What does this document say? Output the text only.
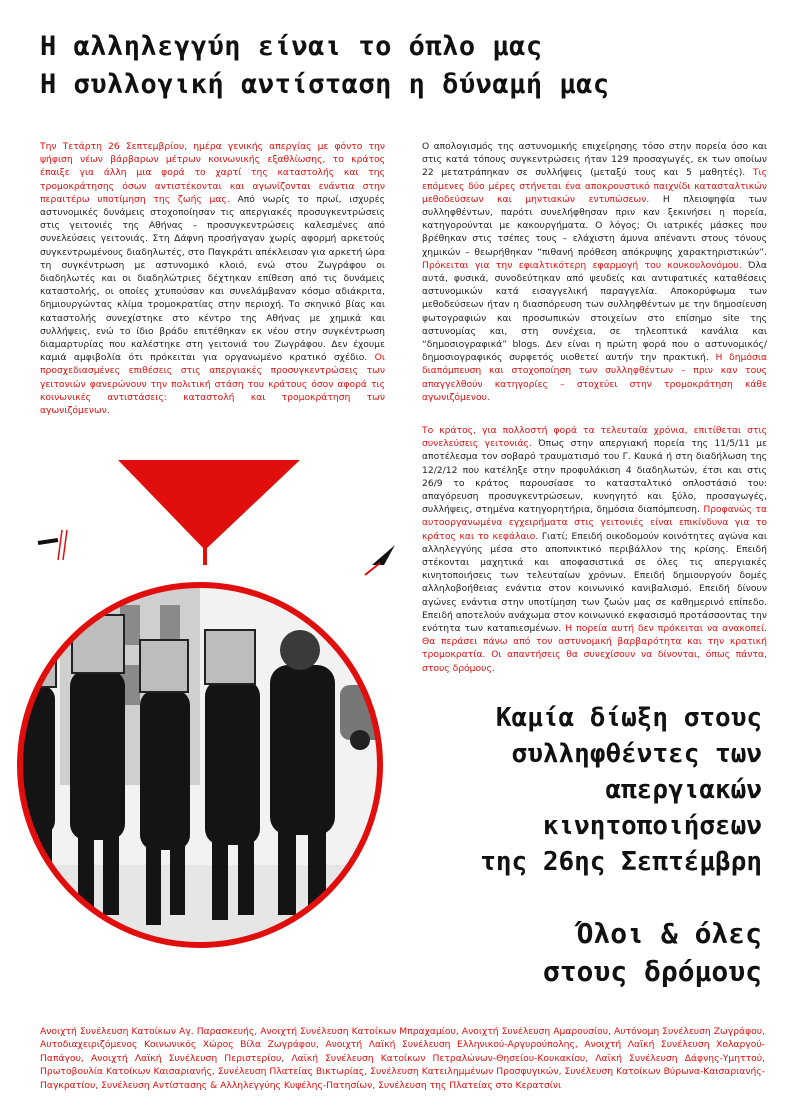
Η αλληλεγγύη είναι το όπλο μας
Η συλλογική αντίσταση η δύναμή μας

Την Τετάρτη 26 Σεπτεμβρίου, ημέρα γενικής απεργίας με φόντο την ψήφιση νέων βάρβαρων μέτρων κοινωνικής εξαθλίωσης, το κράτος έπαιξε για άλλη μια φορά το χαρτί της καταστολής και της τρομοκράτησης όσων αντιστέκονται και αγωνίζονται ενάντια στην περαιτέρω υποτίμηση της ζωής μας. Από νωρίς το πρωί, ισχυρές αστυνομικές δυνάμεις στοχοποίησαν τις απεργιακές προσυγκεντρώσεις στις γειτονιές της Αθήνας – προσυγκεντρώσεις καλεσμένες από συνελεύσεις γειτονιάς. Στη Δάφνη προσήγαγαν χωρίς αφορμή αρκετούς συγκεντρωμένους διαδηλωτές, στο Παγκράτι απέκλεισαν για αρκετή ώρα τη συγκέντρωση με αστυνομικό κλοιό, ενώ στου Ζωγράφου οι διαδηλωτές και οι διαδηλώτριες δέχτηκαν επίθεση από τις δυνάμεις καταστολής, οι οποίες χτυπούσαν και συνελάμβαναν κόσμο αδιάκριτα, δημιουργώντας κλίμα τρομοκρατίας στην περιοχή. Το σκηνικό βίας και καταστολής συνεχίστηκε στο κέντρο της Αθήνας με χημικά και συλλήψεις, ενώ το ίδιο βράδυ επιτέθηκαν εκ νέου στην συγκέντρωση διαμαρτυρίας που καλέστηκε στη γειτονιά του Ζωγράφου. Δεν έχουμε καμιά αμφιβολία ότι πρόκειται για οργανωμένο κρατικό σχέδιο. Οι προσχεδιασμένες επιθέσεις στις απεργιακές προσυγκεντρώσεις των γειτονιών φανερώνουν την πολιτική στάση του κράτους όσον αφορά τις κοινωνικές αντιστάσεις: καταστολή και τρομοκράτηση των αγωνιζόμενων.

Ο απολογισμός της αστυνομικής επιχείρησης τόσο στην πορεία όσο και στις κατά τόπους συγκεντρώσεις ήταν 129 προσαγωγές, εκ των οποίων 22 μετατράπηκαν σε συλλήψεις (μεταξύ τους και 5 μαθητές). Τις επόμενες δύο μέρες στήνεται ένα αποκρουστικό παιχνίδι κατασταλτικών μεθοδεύσεων και μηντιακών εντυπώσεων. Η πλειοψηφία των συλληφθέντων, παρότι συνελήφθησαν πριν καν ξεκινήσει η πορεία, κατηγορούνται με κακουργήματα. Ο λόγος; Οι ιατρικές μάσκες που βρέθηκαν στις τσέπες τους – ελάχιστη άμυνα απέναντι στους τόνους χημικών – θεωρήθηκαν “πιθανή πρόθεση απόκρυψης χαρακτηριστικών”. Πρόκειται για την εφιαλτικότερη εφαρμογή του κουκουλονόμου. Όλα αυτά, φυσικά, συνοδεύτηκαν από ψευδείς και αντιφατικές καταθέσεις αστυνομικών κατά εισαγγελική παραγγελία. Αποκορύφωμα των μεθοδεύσεων ήταν η διασπόρευση των συλληφθέντων με την δημοσίευση φωτογραφιών και προσωπικών στοιχείων στο επίσημο site της αστυνομίας και, στη συνέχεια, σε τηλεοπτικά κανάλια και “δημοσιογραφικά” blogs. Δεν είναι η πρώτη φορά που ο αστυνομικός/δημοσιογραφικός συρφετός υιοθετεί αυτήν την πρακτική. Η δημόσια διαπόμπευση και στοχοποίηση των συλληφθέντων – πριν καν τους απαγγελθούν κατηγορίες – στοχεύει στην τρομοκράτηση κάθε αγωνιζόμενου.

Το κράτος, για πολλοστή φορά τα τελευταία χρόνια, επιτίθεται στις συνελεύσεις γειτονιάς. Όπως στην απεργιακή πορεία της 11/5/11 με αποτέλεσμα τον σοβαρό τραυματισμό του Γ. Καυκά ή στη διαδήλωση της 12/2/12 που κατέληξε στην προφυλάκιση 4 διαδηλωτών, έτσι και στις 26/9 το κράτος παρουσίασε το κατασταλτικό οπλοστάσιό του: απαγόρευση προσυγκεντρώσεων, κυνηγητό και ξύλο, προσαγωγές, συλλήψεις, στημένα κατηγορητήρια, δημόσια διαπόμπευση. Προφανώς τα αυτοοργανωμένα εγχειρήματα στις γειτονιές είναι επικίνδυνα για το κράτος και το κεφάλαιο. Γιατί; Επειδή οικοδομούν κοινότητες αγώνα και αλληλεγγύης μέσα στο αποπνικτικό περιβάλλον της κρίσης. Επειδή στέκονται μαχητικά και αποφασιστικά σε όλες τις απεργιακές κινητοποιήσεις των τελευταίων χρόνων. Επειδή δημιουργούν δομές αλληλοβοήθειας ενάντια στον κοινωνικό κανιβαλισμό. Επειδή δίνουν αγώνες ενάντια στην υποτίμηση των ζωών μας σε καθημερινό επίπεδο. Επειδή αποτελούν ανάχωμα στον κοινωνικό εκφασισμό προτάσσοντας την ενότητα των καταπιεσμένων. Η πορεία αυτή δεν πρόκειται να ανακοπεί. Θα περάσει πάνω από τον αστυνομική βαρβαρότητα και την κρατική τρομοκρατία. Οι απαντήσεις θα συνεχίσουν να δίνονται, όπως πάντα, στους δρόμους.

Καμία δίωξη στους
συλληφθέντες των
απεργιακών
κινητοποιήσεων
της 26ης Σεπτέμβρη
Όλοι & όλες
στους δρόμους
Ανοιχτή Συνέλευση Κατοίκων Αγ. Παρασκευής, Ανοιχτή Συνέλευση Κατοίκων Μπραχαμίου, Ανοιχτή Συνέλευση Αμαρουσίου, Αυτόνομη Συνέλευση Ζωγράφου, Αυτοδιαχειριζόμενος Κοινωνικός Χώρος Βίλα Ζωγράφου, Ανοιχτή Λαϊκή Συνέλευση Ελληνικού-Αργυρούπολης, Ανοιχτή Λαϊκή Συνέλευση Χολαργού-Παπάγου, Ανοιχτή Λαϊκή Συνέλευση Περιστερίου, Λαϊκή Συνέλευση Κατοίκων Πετραλώνων-Θησείου-Κουκακίου, Λαϊκή Συνέλευση Δάφνης-Υμηττού, Πρωτοβουλία Κατοίκων Καισαριανής, Συνέλευση Πλατείας Βικτωρίας, Συνέλευση Κατειλημμένων Προσφυγικών, Συνέλευση Κατοίκων Βύρωνα-Καισαριανής-Παγκρατίου, Συνέλευση Αντίστασης & Αλληλεγγύης Κυψέλης-Πατησίων, Συνέλευση της Πλατείας στο Κερατσίνι
